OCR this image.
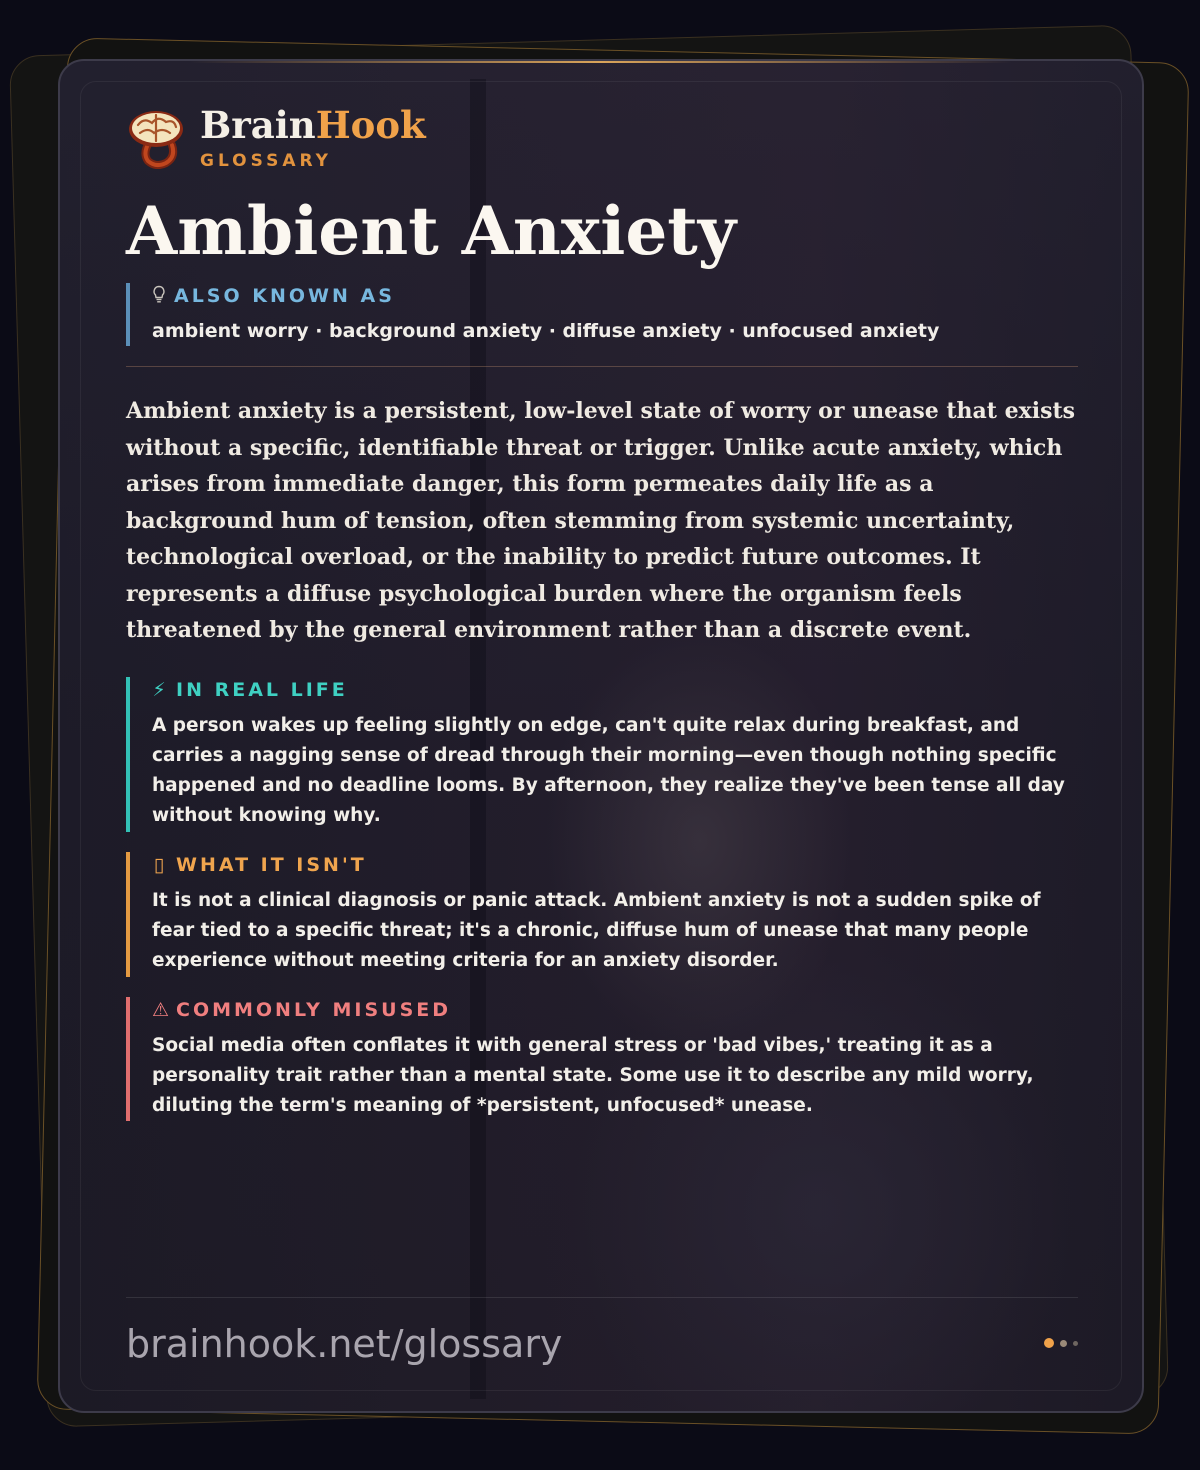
BrainHook
GLOSSARY
Ambient Anxiety
ALSO KNOWN AS
ambient worry · background anxiety · diffuse anxiety · unfocused anxiety

Ambient anxiety is a persistent, low-level state of worry or unease that exists without a specific, identifiable threat or trigger. Unlike acute anxiety, which arises from immediate danger, this form permeates daily life as a background hum of tension, often stemming from systemic uncertainty, technological overload, or the inability to predict future outcomes. It represents a diffuse psychological burden where the organism feels threatened by the general environment rather than a discrete event.

⚡ IN REAL LIFE
A person wakes up feeling slightly on edge, can't quite relax during breakfast, and carries a nagging sense of dread through their morning—even though nothing specific happened and no deadline looms. By afternoon, they realize they've been tense all day without knowing why.
▯ WHAT IT ISN'T
It is not a clinical diagnosis or panic attack. Ambient anxiety is not a sudden spike of fear tied to a specific threat; it's a chronic, diffuse hum of unease that many people experience without meeting criteria for an anxiety disorder.
⚠ COMMONLY MISUSED
Social media often conflates it with general stress or 'bad vibes,' treating it as a personality trait rather than a mental state. Some use it to describe any mild worry, diluting the term's meaning of *persistent, unfocused* unease.
brainhook.net/glossary
